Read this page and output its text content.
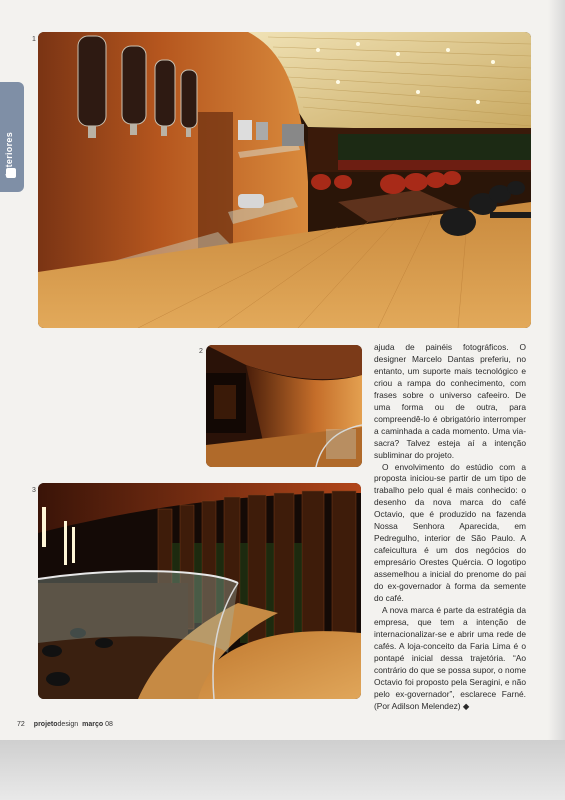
Interiores
1
2
3

ajuda de painéis fotográficos. O designer Marcelo Dantas preferiu, no entanto, um suporte mais tecnológico e criou a rampa do conhecimento, com frases sobre o universo cafeeiro. De uma forma ou de outra, para compreendê-lo é obrigatório interromper a caminhada a cada momento. Uma via-sacra? Talvez esteja aí a intenção subliminar do projeto.

O envolvimento do estúdio com a proposta iniciou-se partir de um tipo de trabalho pelo qual é mais conhecido: o desenho da nova marca do café Octavio, que é produzido na fazenda Nossa Senhora Aparecida, em Pedregulho, interior de São Paulo. A cafeicultura é um dos negócios do empresário Orestes Quércia. O logotipo assemelhou a inicial do prenome do pai do ex-governador à forma da semente do café.

A nova marca é parte da estratégia da empresa, que tem a intenção de internacionalizar-se e abrir uma rede de cafés. A loja-conceito da Faria Lima é o pontapé inicial dessa trajetória. “Ao contrário do que se possa supor, o nome Octavio foi proposto pela Seragini, e não pelo ex-governador”, esclarece Farné. (Por Adilson Melendez) ◆

72 projetodesign março 08
